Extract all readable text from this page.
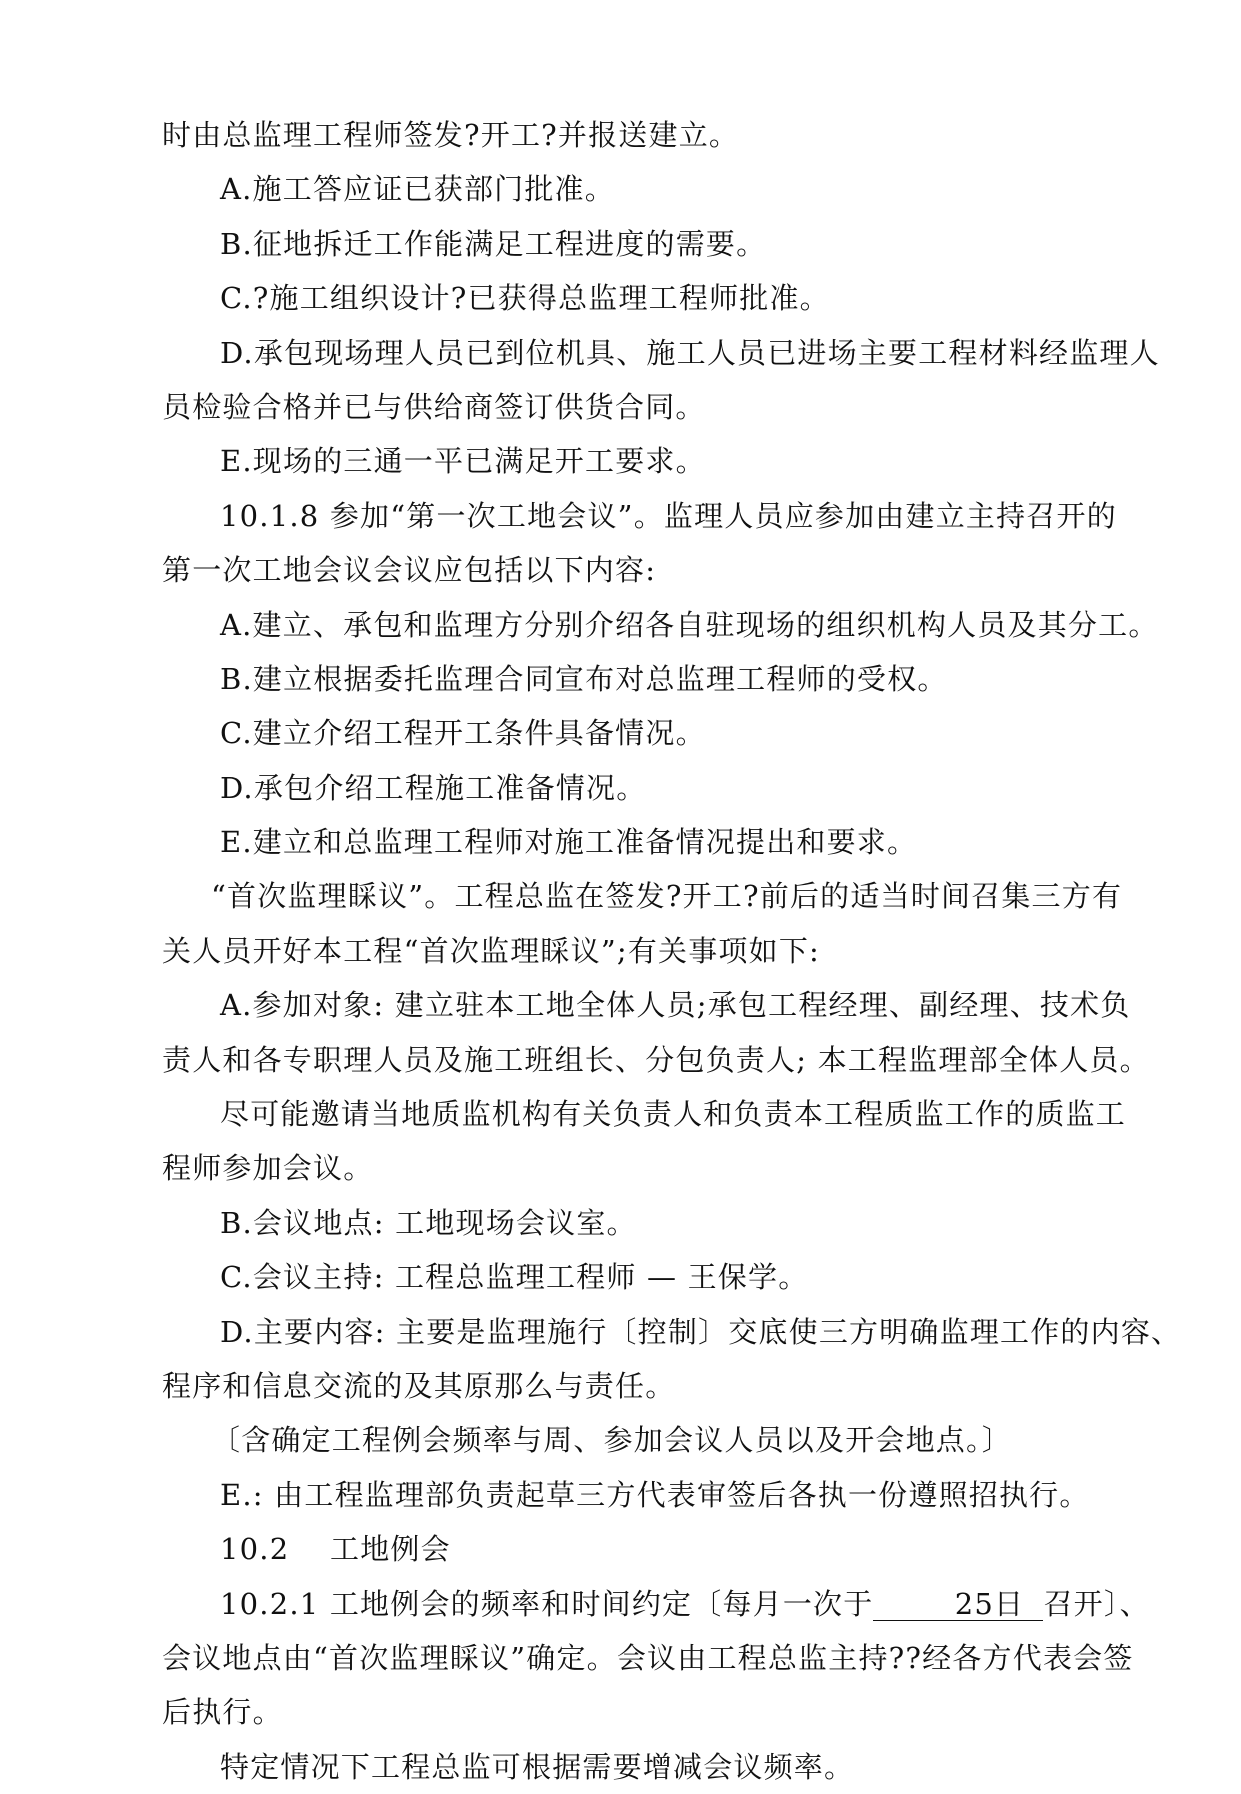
时由总监理工程师签发?开工?并报送建立。
A.施工答应证已获部门批准。
B.征地拆迁工作能满足工程进度的需要。
C.?施工组织设计?已获得总监理工程师批准。
D.承包现场理人员已到位机具、施工人员已进场主要工程材料经监理人
员检验合格并已与供给商签订供货合同。
E.现场的三通一平已满足开工要求。
10.1.8 参加“第一次工地会议”。监理人员应参加由建立主持召开的
第一次工地会议会议应包括以下内容:
A.建立、承包和监理方分别介绍各自驻现场的组织机构人员及其分工。
B.建立根据委托监理合同宣布对总监理工程师的受权。
C.建立介绍工程开工条件具备情况。
D.承包介绍工程施工准备情况。
E.建立和总监理工程师对施工准备情况提出和要求。
“首次监理睬议”。工程总监在签发?开工?前后的适当时间召集三方有
关人员开好本工程“首次监理睬议”;有关事项如下:
A.参加对象: 建立驻本工地全体人员;承包工程经理、副经理、技术负
责人和各专职理人员及施工班组长、分包负责人; 本工程监理部全体人员。
尽可能邀请当地质监机构有关负责人和负责本工程质监工作的质监工
程师参加会议。
B.会议地点: 工地现场会议室。
C.会议主持: 工程总监理工程师 — 王保学。
D.主要内容: 主要是监理施行〔控制〕交底使三方明确监理工作的内容、
程序和信息交流的及其原那么与责任。
〔含确定工程例会频率与周、参加会议人员以及开会地点。〕
E.: 由工程监理部负责起草三方代表审签后各执一份遵照招执行。
10.2　 工地例会
10.2.1 工地例会的频率和时间约定〔每月一次于	25日 召开〕、
会议地点由“首次监理睬议”确定。会议由工程总监主持??经各方代表会签
后执行。
特定情况下工程总监可根据需要增减会议频率。
